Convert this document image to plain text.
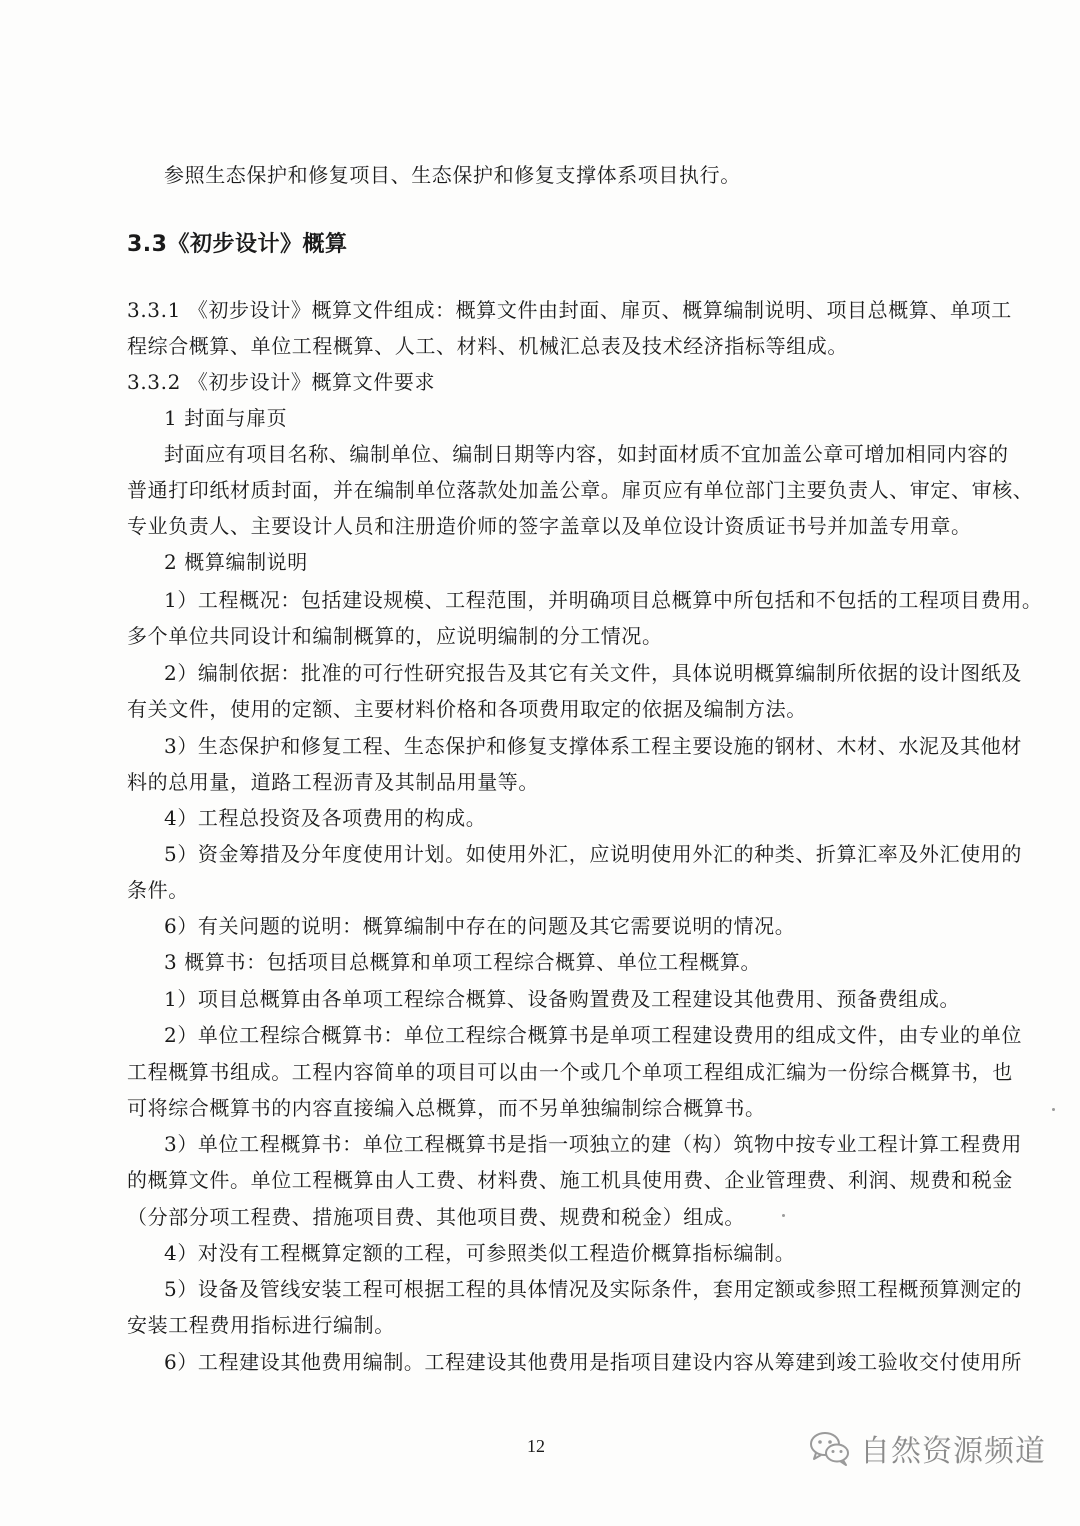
参照生态保护和修复项目、生态保护和修复支撑体系项目执行。
3.3《初步设计》概算
3.3.1 《初步设计》概算文件组成：概算文件由封面、扉页、概算编制说明、项目总概算、单项工
程综合概算、单位工程概算、人工、材料、机械汇总表及技术经济指标等组成。
3.3.2 《初步设计》概算文件要求
1 封面与扉页
封面应有项目名称、编制单位、编制日期等内容，如封面材质不宜加盖公章可增加相同内容的
普通打印纸材质封面，并在编制单位落款处加盖公章。扉页应有单位部门主要负责人、审定、审核、
专业负责人、主要设计人员和注册造价师的签字盖章以及单位设计资质证书号并加盖专用章。
2 概算编制说明
1）工程概况：包括建设规模、工程范围，并明确项目总概算中所包括和不包括的工程项目费用。
多个单位共同设计和编制概算的，应说明编制的分工情况。
2）编制依据：批准的可行性研究报告及其它有关文件，具体说明概算编制所依据的设计图纸及
有关文件，使用的定额、主要材料价格和各项费用取定的依据及编制方法。
3）生态保护和修复工程、生态保护和修复支撑体系工程主要设施的钢材、木材、水泥及其他材
料的总用量，道路工程沥青及其制品用量等。
4）工程总投资及各项费用的构成。
5）资金筹措及分年度使用计划。如使用外汇，应说明使用外汇的种类、折算汇率及外汇使用的
条件。
6）有关问题的说明：概算编制中存在的问题及其它需要说明的情况。
3 概算书：包括项目总概算和单项工程综合概算、单位工程概算。
1）项目总概算由各单项工程综合概算、设备购置费及工程建设其他费用、预备费组成。
2）单位工程综合概算书：单位工程综合概算书是单项工程建设费用的组成文件，由专业的单位
工程概算书组成。工程内容简单的项目可以由一个或几个单项工程组成汇编为一份综合概算书，也
可将综合概算书的内容直接编入总概算，而不另单独编制综合概算书。
3）单位工程概算书：单位工程概算书是指一项独立的建（构）筑物中按专业工程计算工程费用
的概算文件。单位工程概算由人工费、材料费、施工机具使用费、企业管理费、利润、规费和税金
（分部分项工程费、措施项目费、其他项目费、规费和税金）组成。
4）对没有工程概算定额的工程，可参照类似工程造价概算指标编制。
5）设备及管线安装工程可根据工程的具体情况及实际条件，套用定额或参照工程概预算测定的
安装工程费用指标进行编制。
6）工程建设其他费用编制。工程建设其他费用是指项目建设内容从筹建到竣工验收交付使用所
12	自然资源频道
